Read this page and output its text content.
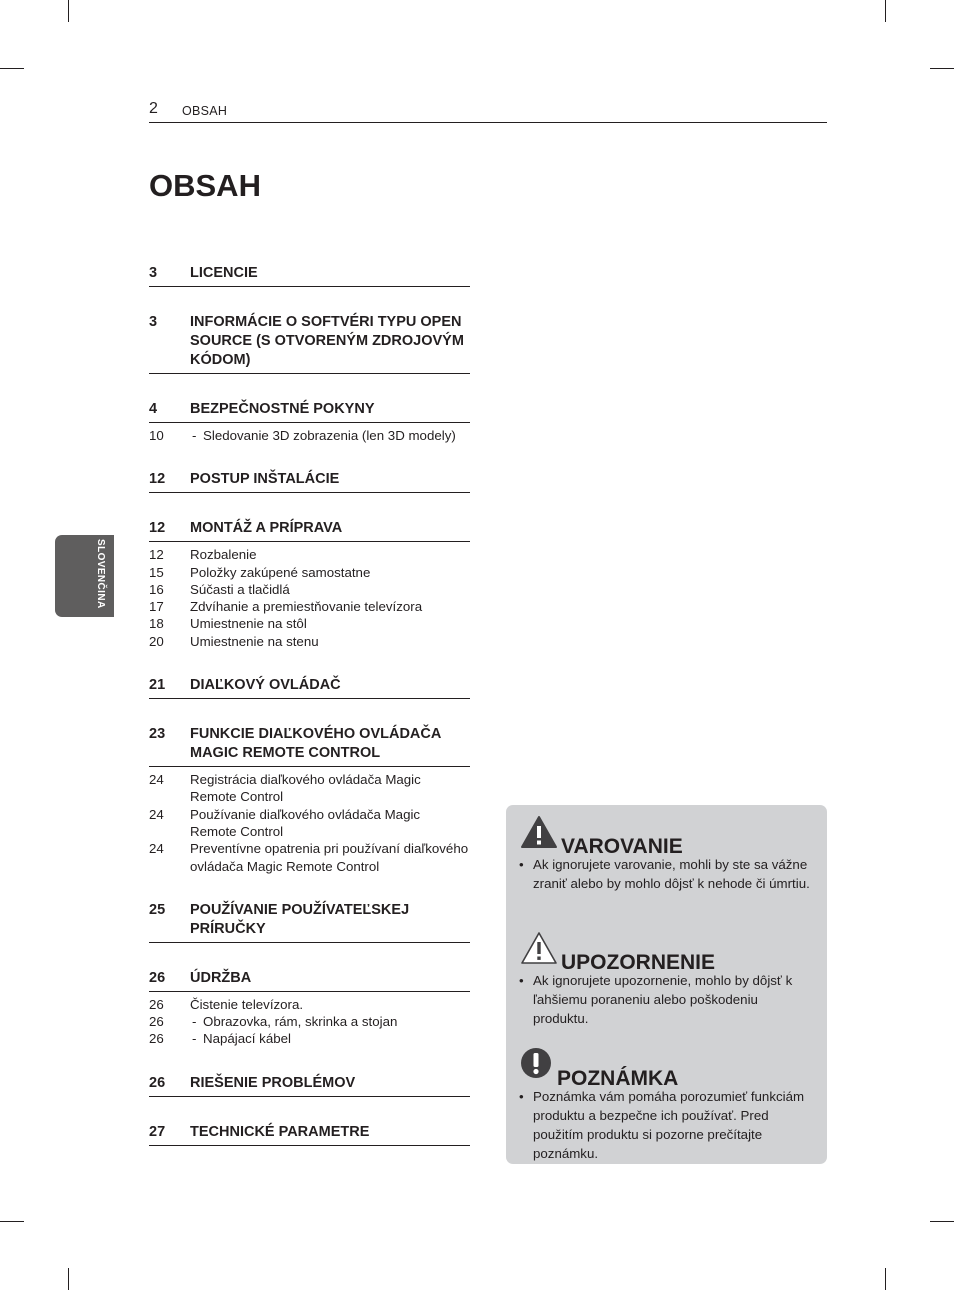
2 OBSAH
OBSAH
SLOVENČINA
3	LICENCIE
3	INFORMÁCIE O SOFTVÉRI TYPU OPEN SOURCE (S OTVORENÝM ZDROJOVÝM KÓDOM)
4	BEZPEČNOSTNÉ POKYNY
10	- Sledovanie 3D zobrazenia (len 3D modely)
12	POSTUP INŠTALÁCIE
12	MONTÁŽ A PRÍPRAVA
12	Rozbalenie
15	Položky zakúpené samostatne
16	Súčasti a tlačidlá
17	Zdvíhanie a premiestňovanie televízora
18	Umiestnenie na stôl
20	Umiestnenie na stenu
21	DIAĽKOVÝ OVLÁDAČ
23	FUNKCIE DIAĽKOVÉHO OVLÁDAČA MAGIC REMOTE CONTROL
24	Registrácia diaľkového ovládača Magic Remote Control
24	Používanie diaľkového ovládača Magic Remote Control
24	Preventívne opatrenia pri používaní diaľkového ovládača Magic Remote Control
25	POUŽÍVANIE POUŽÍVATEĽSKEJ PRÍRUČKY
26	ÚDRŽBA
26	Čistenie televízora.
26	- Obrazovka, rám, skrinka a stojan
26	- Napájací kábel
26	RIEŠENIE PROBLÉMOV
27	TECHNICKÉ PARAMETRE
VAROVANIE
• Ak ignorujete varovanie, mohli by ste sa vážne zraniť alebo by mohlo dôjsť k nehode či úmrtiu.
UPOZORNENIE
• Ak ignorujete upozornenie, mohlo by dôjsť k ľahšiemu poraneniu alebo poškodeniu produktu.
POZNÁMKA
• Poznámka vám pomáha porozumieť funkciám produktu a bezpečne ich používať. Pred použitím produktu si pozorne prečítajte poznámku.
